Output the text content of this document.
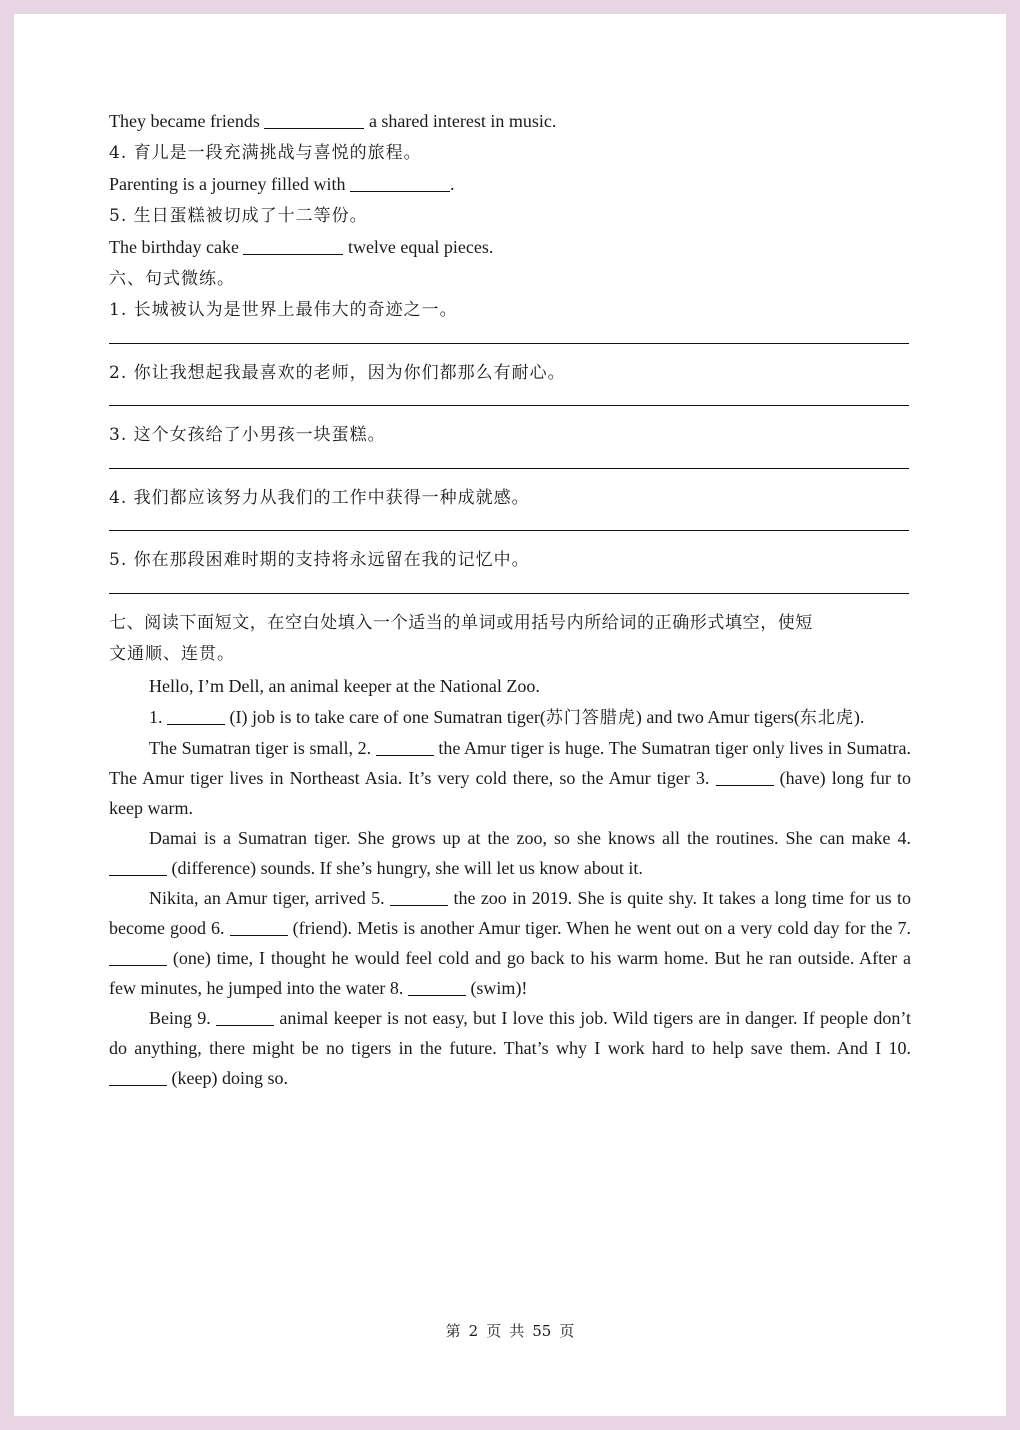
They became friends	a shared interest in music.
4. 育儿是一段充满挑战与喜悦的旅程。
Parenting is a journey filled with	.
5. 生日蛋糕被切成了十二等份。
The birthday cake	twelve equal pieces.
六、句式微练。
1. 长城被认为是世界上最伟大的奇迹之一。
2. 你让我想起我最喜欢的老师，因为你们都那么有耐心。
3. 这个女孩给了小男孩一块蛋糕。
4. 我们都应该努力从我们的工作中获得一种成就感。
5. 你在那段困难时期的支持将永远留在我的记忆中。
七、阅读下面短文，在空白处填入一个适当的单词或用括号内所给词的正确形式填空，使短
文通顺、连贯。
Hello, I’m Dell, an animal keeper at the National Zoo.
1.	(I) job is to take care of one Sumatran tiger(苏门答腊虎) and two Amur tigers(东北虎).
The Sumatran tiger is small, 2.	the Amur tiger is huge. The Sumatran tiger only lives in Sumatra. The Amur tiger lives in Northeast Asia. It’s very cold there, so the Amur tiger 3.	(have) long fur to keep warm.
Damai is a Sumatran tiger. She grows up at the zoo, so she knows all the routines. She can make 4.  (difference) sounds. If she’s hungry, she will let us know about it.
Nikita, an Amur tiger, arrived 5.	the zoo in 2019. She is quite shy. It takes a long time for us to become good 6.	(friend). Metis is another Amur tiger. When he went out on a very cold day for the 7.  (one) time, I thought he would feel cold and go back to his warm home. But he ran outside. After a few minutes, he jumped into the water 8.	(swim)!
Being 9.	animal keeper is not easy, but I love this job. Wild tigers are in danger. If people don’t do anything, there might be no tigers in the future. That’s why I work hard to help save them. And I 10.  (keep) doing so.
第 2 页 共 55 页
